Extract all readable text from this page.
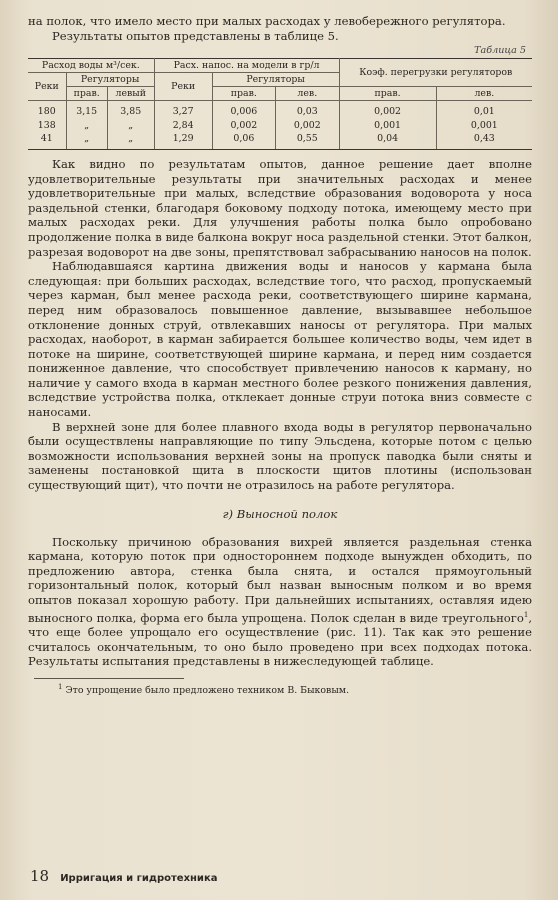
на полок, что имело место при малых расходах у левобережного регулятора.

Результаты опытов представлены в таблице 5.

Таблица 5
Расход воды м³/сек.			Расх. напос. на модели в гр/л			Коэф. перегрузки регуляторов	
Реки	Регуляторы		Реки	Регуляторы			
	прав.	левый		прав.	лев.	прав.	лев.
180	3,15	3,85	3,27	0,006	0,03	0,002	0,01
138	„	„	2,84	0,002	0,002	0,001	0,001
41	„	„	1,29	0,06	0,55	0,04	0,43

Как видно по результатам опытов, данное решение дает вполне удовлетворительные результаты при значительных расходах и менее удовлетворительные при малых, вследствие образования водоворота у носа раздельной стенки, благодаря боковому подходу потока, имеющему место при малых расходах реки. Для улучшения работы полка было опробовано продолжение полка в виде балкона вокруг носа раздельной стенки. Этот балкон, разрезая водоворот на две зоны, препятствовал забрасыванию наносов на полок.

Наблюдавшаяся картина движения воды и наносов у кармана была следующая: при больших расходах, вследствие того, что расход, пропускаемый через карман, был менее расхода реки, соответствующего ширине кармана, перед ним образовалось повышенное давление, вызывавшее небольшое отклонение донных струй, отвлекавших наносы от регулятора. При малых расходах, наоборот, в карман забирается большее количество воды, чем идет в потоке на ширине, соответствующей ширине кармана, и перед ним создается пониженное давление, что способствует привлечению наносов к карману, но наличие у самого входа в карман местного более резкого понижения давления, вследствие устройства полка, отклекает донные струи потока вниз совместе с наносами.

В верхней зоне для более плавного входа воды в регулятор первоначально были осуществлены направляющие по типу Эльсдена, которые потом с целью возможности использования верхней зоны на пропуск паводка были сняты и заменены постановкой щита в плоскости щитов плотины (использован существующий щит), что почти не отразилось на работе регулятора.

г) Выносной полок

Поскольку причиною образования вихрей является раздельная стенка кармана, которую поток при одностороннем подходе вынужден обходить, по предложению автора, стенка была снята, и остался прямоугольный горизонтальный полок, который был назван выносным полком и во время опытов показал хорошую работу. При дальнейших испытаниях, оставляя идею выносного полка, форма его была упрощена. Полок сделан в виде треугольного$^1$, что еще более упрощало его осуществление (рис. 11). Так как это решение считалось окончательным, то оно было проведено при всех подходах потока. Результаты испытания представлены в нижеследующей таблице.

$^1$ Это упрощение было предложено техником В. Быковым.

18 Ирригация и гидротехника
